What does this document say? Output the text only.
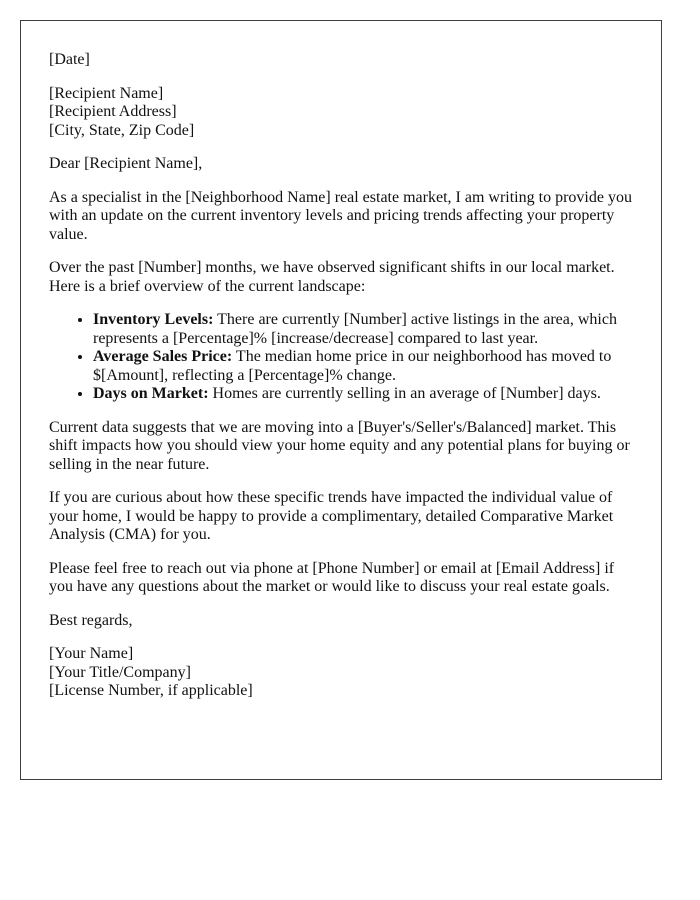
[Date]

[Recipient Name]
[Recipient Address]
[City, State, Zip Code]

Dear [Recipient Name],

As a specialist in the [Neighborhood Name] real estate market, I am writing to provide you with an update on the current inventory levels and pricing trends affecting your property value.

Over the past [Number] months, we have observed significant shifts in our local market. Here is a brief overview of the current landscape:

• Inventory Levels: There are currently [Number] active listings in the area, which represents a [Percentage]% [increase/decrease] compared to last year.
• Average Sales Price: The median home price in our neighborhood has moved to $[Amount], reflecting a [Percentage]% change.
• Days on Market: Homes are currently selling in an average of [Number] days.

Current data suggests that we are moving into a [Buyer's/Seller's/Balanced] market. This shift impacts how you should view your home equity and any potential plans for buying or selling in the near future.

If you are curious about how these specific trends have impacted the individual value of your home, I would be happy to provide a complimentary, detailed Comparative Market Analysis (CMA) for you.

Please feel free to reach out via phone at [Phone Number] or email at [Email Address] if you have any questions about the market or would like to discuss your real estate goals.

Best regards,

[Your Name]
[Your Title/Company]
[License Number, if applicable]
